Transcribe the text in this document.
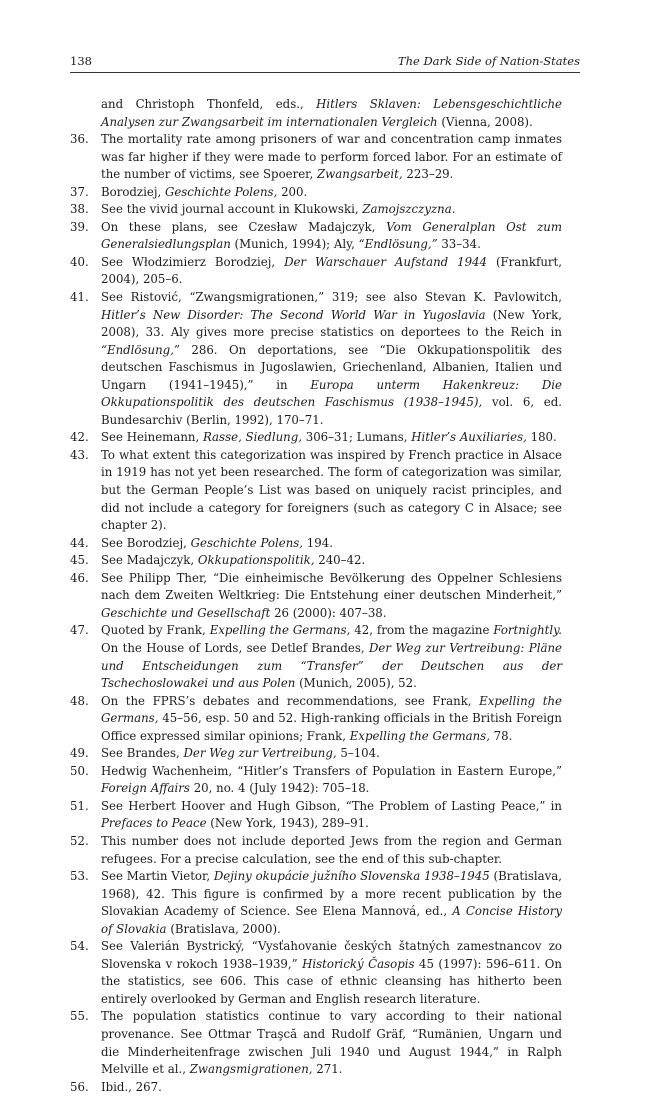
138	The Dark Side of Nation-States
and Christoph Thonfeld, eds., Hitlers Sklaven: Lebensgeschichtliche Analysen zur Zwangsarbeit im internationalen Vergleich (Vienna, 2008).
36.	The mortality rate among prisoners of war and concentration camp inmates was far higher if they were made to perform forced labor. For an estimate of the number of victims, see Spoerer, Zwangsarbeit, 223–29.
37.	Borodziej, Geschichte Polens, 200.
38.	See the vivid journal account in Klukowski, Zamojszczyzna.
39.	On these plans, see Czesław Madajczyk, Vom Generalplan Ost zum Generalsiedlungsplan (Munich, 1994); Aly, “Endlösung,” 33–34.
40.	See Włodzimierz Borodziej, Der Warschauer Aufstand 1944 (Frankfurt, 2004), 205–6.
41.	See Ristović, “Zwangsmigrationen,” 319; see also Stevan K. Pavlowitch, Hitler’s New Disorder: The Second World War in Yugoslavia (New York, 2008), 33. Aly gives more precise statistics on deportees to the Reich in “Endlösung,” 286. On deportations, see “Die Okkupationspolitik des deutschen Faschismus in Jugoslawien, Griechenland, Albanien, Italien und Ungarn (1941–1945),” in Europa unterm Hakenkreuz: Die Okkupationspolitik des deutschen Faschismus (1938–1945), vol. 6, ed. Bundesarchiv (Berlin, 1992), 170–71.
42.	See Heinemann, Rasse, Siedlung, 306–31; Lumans, Hitler’s Auxiliaries, 180.
43.	To what extent this categorization was inspired by French practice in Alsace in 1919 has not yet been researched. The form of categorization was similar, but the German People’s List was based on uniquely racist principles, and did not include a category for foreigners (such as category C in Alsace; see chapter 2).
44.	See Borodziej, Geschichte Polens, 194.
45.	See Madajczyk, Okkupationspolitik, 240–42.
46.	See Philipp Ther, “Die einheimische Bevölkerung des Oppelner Schlesiens nach dem Zweiten Weltkrieg: Die Entstehung einer deutschen Minderheit,” Geschichte und Gesellschaft 26 (2000): 407–38.
47.	Quoted by Frank, Expelling the Germans, 42, from the magazine Fortnightly. On the House of Lords, see Detlef Brandes, Der Weg zur Vertreibung: Pläne und Entscheidungen zum “Transfer” der Deutschen aus der Tschechoslowakei und aus Polen (Munich, 2005), 52.
48.	On the FPRS’s debates and recommendations, see Frank, Expelling the Germans, 45–56, esp. 50 and 52. High-ranking officials in the British Foreign Office expressed similar opinions; Frank, Expelling the Germans, 78.
49.	See Brandes, Der Weg zur Vertreibung, 5–104.
50.	Hedwig Wachenheim, “Hitler’s Transfers of Population in Eastern Europe,” Foreign Affairs 20, no. 4 (July 1942): 705–18.
51.	See Herbert Hoover and Hugh Gibson, “The Problem of Lasting Peace,” in Prefaces to Peace (New York, 1943), 289–91.
52.	This number does not include deported Jews from the region and German refugees. For a precise calculation, see the end of this sub-chapter.
53.	See Martin Vietor, Dejiny okupácie južního Slovenska 1938–1945 (Bratislava, 1968), 42. This figure is confirmed by a more recent publication by the Slovakian Academy of Science. See Elena Mannová, ed., A Concise History of Slovakia (Bratislava, 2000).
54.	See Valerián Bystrický, “Vysťahovanie českých štatných zamestnancov zo Slovenska v rokoch 1938–1939,” Historický Časopis 45 (1997): 596–611. On the statistics, see 606. This case of ethnic cleansing has hitherto been entirely overlooked by German and English research literature.
55.	The population statistics continue to vary according to their national provenance. See Ottmar Traşcă and Rudolf Gräf, “Rumänien, Ungarn und die Minderheitenfrage zwischen Juli 1940 und August 1944,” in Ralph Melville et al., Zwangsmigrationen, 271.
56.	Ibid., 267.
